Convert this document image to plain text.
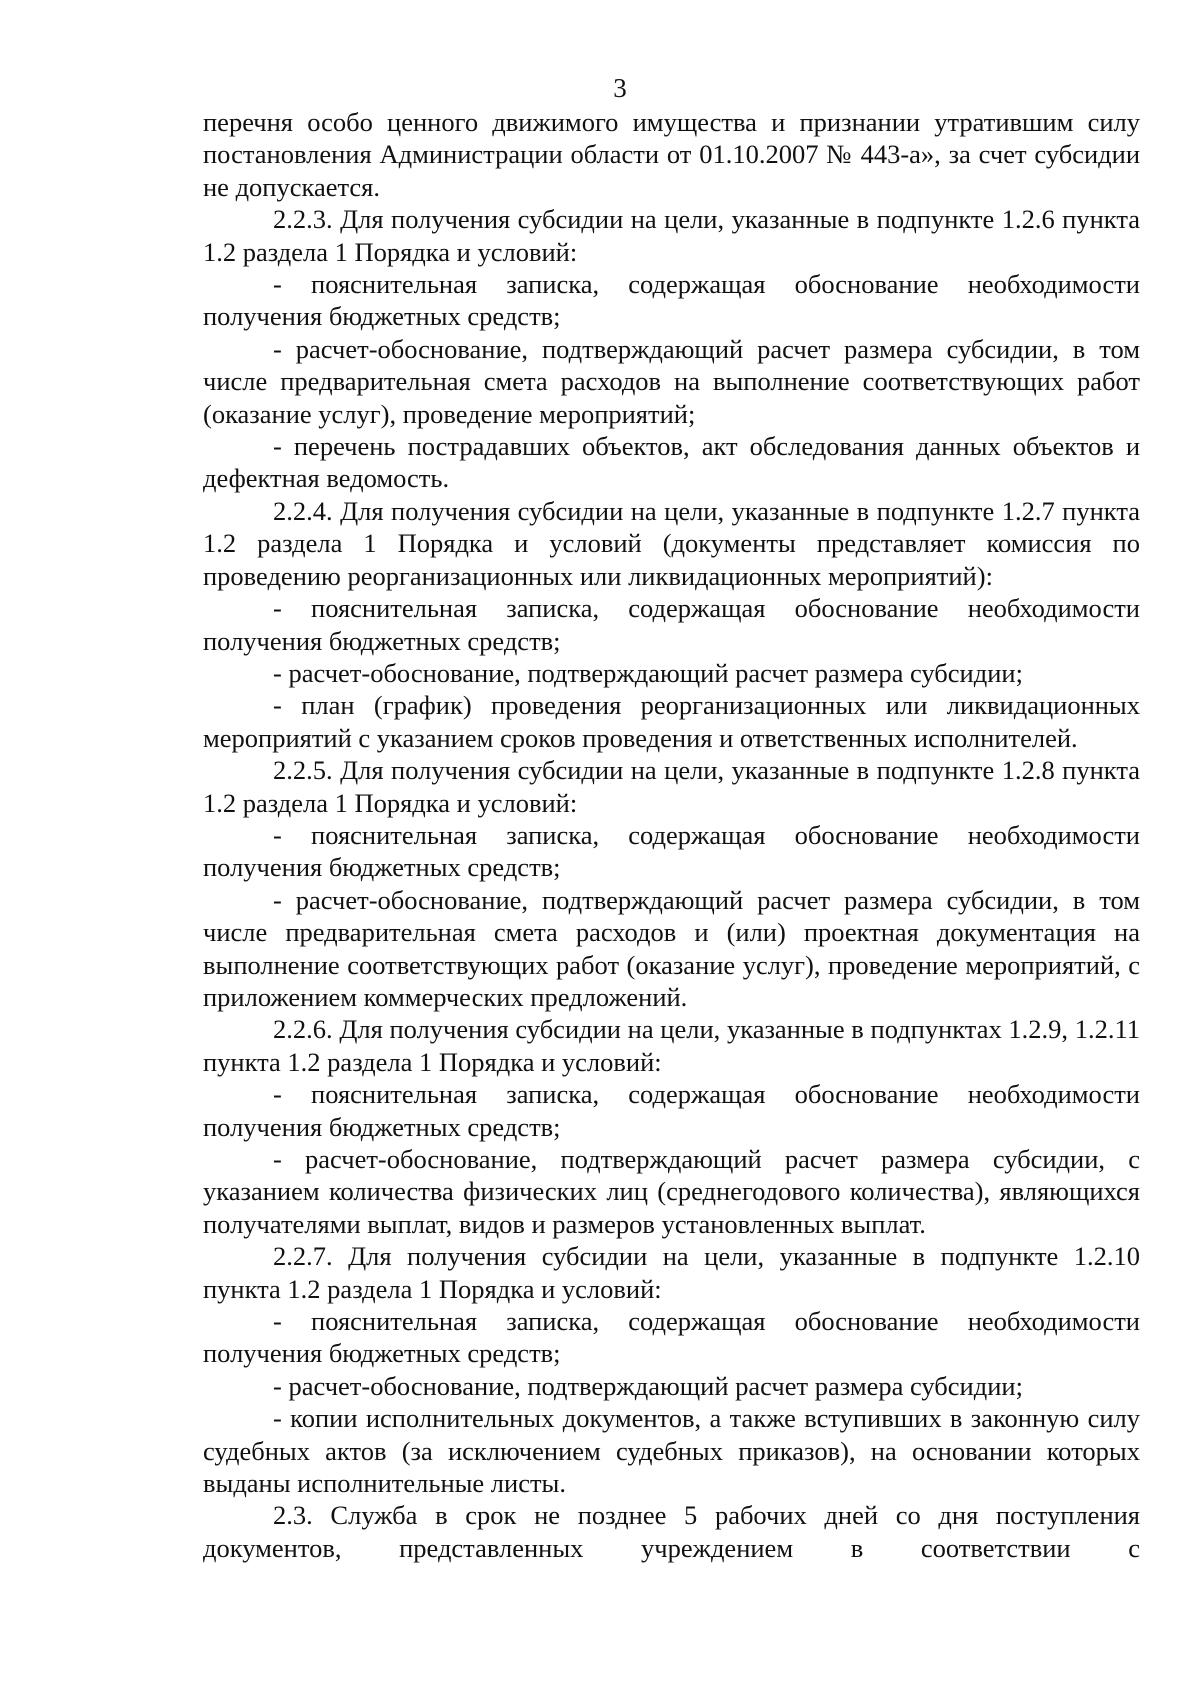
3

перечня особо ценного движимого имущества и признании утратившим силу постановления Администрации области от 01.10.2007 № 443-а», за счет субсидии не допускается.

2.2.3. Для получения субсидии на цели, указанные в подпункте 1.2.6 пункта 1.2 раздела 1 Порядка и условий:

- пояснительная записка, содержащая обоснование необходимости получения бюджетных средств;

- расчет-обоснование, подтверждающий расчет размера субсидии, в том числе предварительная смета расходов на выполнение соответствующих работ (оказание услуг), проведение мероприятий;

- перечень пострадавших объектов, акт обследования данных объектов и дефектная ведомость.

2.2.4. Для получения субсидии на цели, указанные в подпункте 1.2.7 пункта 1.2 раздела 1 Порядка и условий (документы представляет комиссия по проведению реорганизационных или ликвидационных мероприятий):

- пояснительная записка, содержащая обоснование необходимости получения бюджетных средств;

- расчет-обоснование, подтверждающий расчет размера субсидии;

- план (график) проведения реорганизационных или ликвидационных мероприятий с указанием сроков проведения и ответственных исполнителей.

2.2.5. Для получения субсидии на цели, указанные в подпункте 1.2.8 пункта 1.2 раздела 1 Порядка и условий:

- пояснительная записка, содержащая обоснование необходимости получения бюджетных средств;

- расчет-обоснование, подтверждающий расчет размера субсидии, в том числе предварительная смета расходов и (или) проектная документация на выполнение соответствующих работ (оказание услуг), проведение мероприятий, с приложением коммерческих предложений.

2.2.6. Для получения субсидии на цели, указанные в подпунктах 1.2.9, 1.2.11 пункта 1.2 раздела 1 Порядка и условий:

- пояснительная записка, содержащая обоснование необходимости получения бюджетных средств;

- расчет-обоснование, подтверждающий расчет размера субсидии, с указанием количества физических лиц (среднегодового количества), являющихся получателями выплат, видов и размеров установленных выплат.

2.2.7. Для получения субсидии на цели, указанные в подпункте 1.2.10 пункта 1.2 раздела 1 Порядка и условий:

- пояснительная записка, содержащая обоснование необходимости получения бюджетных средств;

- расчет-обоснование, подтверждающий расчет размера субсидии;

- копии исполнительных документов, а также вступивших в законную силу судебных актов (за исключением судебных приказов), на основании которых выданы исполнительные листы.

2.3. Служба в срок не позднее 5 рабочих дней со дня поступления документов, представленных учреждением в соответствии с
